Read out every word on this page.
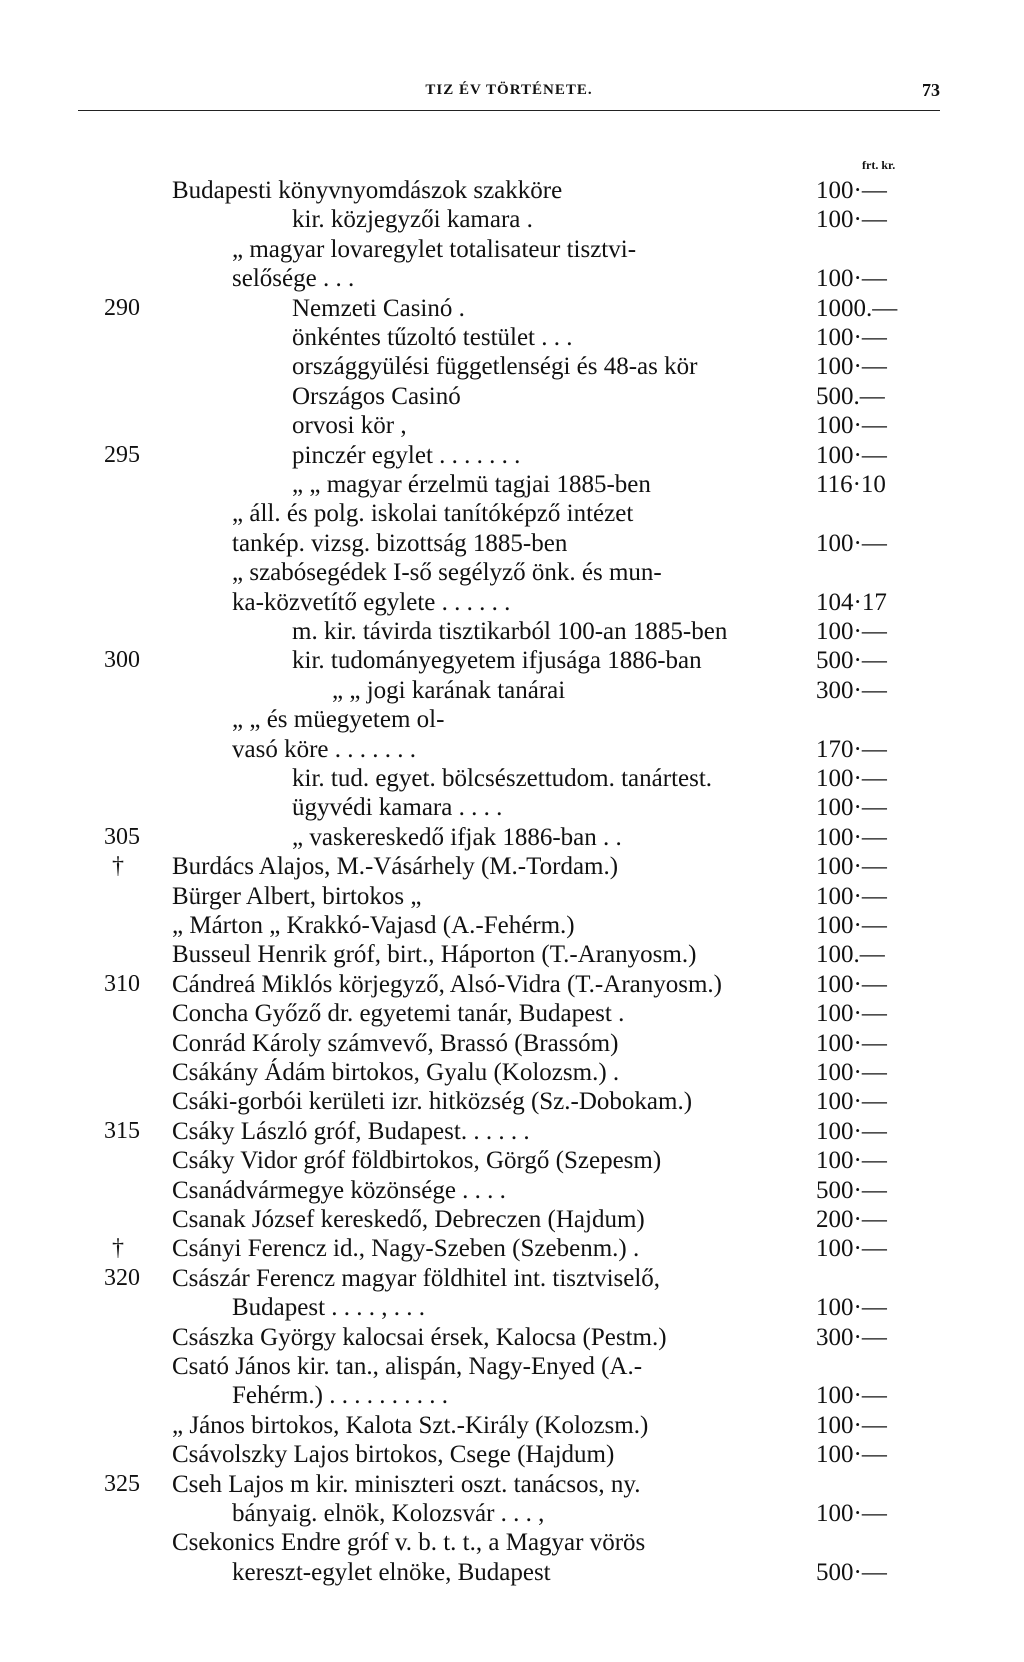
TIZ ÉV TÖRTÉNETE.	73
frt. kr.
Budapesti könyvnyomdászok szakköre	100·—
kir. közjegyzői kamara .	100·—
„ magyar lovaregylet totalisateur tisztvi-
selősége . . .	100·—
290	Nemzeti Casinó .	1000.—
önkéntes tűzoltó testület . . .	100·—
országgyülési függetlenségi és 48-as kör	100·—
Országos Casinó	500.—
orvosi kör ,	100·—
295	pinczér egylet . . . . . . .	100·—
„ „ magyar érzelmü tagjai 1885-ben	116·10
„ áll. és polg. iskolai tanítóképző intézet
tankép. vizsg. bizottság 1885-ben	100·—
„ szabósegédek I-ső segélyző önk. és mun-
ka-közvetítő egylete . . . . . .	104·17
m. kir. távirda tisztikarból 100-an 1885-ben	100·—
300	kir. tudományegyetem ifjusága 1886-ban	500·—
„ „ jogi karának tanárai	300·—
„ „ és müegyetem ol-
vasó köre . . . . . . .	170·—
kir. tud. egyet. bölcsészettudom. tanártest.	100·—
ügyvédi kamara . . . .	100·—
305	„ vaskereskedő ifjak 1886-ban . .	100·—
†	Burdács Alajos, M.-Vásárhely (M.-Tordam.)	100·—
Bürger Albert, birtokos „	100·—
„ Márton „ Krakkó-Vajasd (A.-Fehérm.)	100·—
Busseul Henrik gróf, birt., Háporton (T.-Aranyosm.)	100.—
310	Cándreá Miklós körjegyző, Alsó-Vidra (T.-Aranyosm.)	100·—
Concha Győző dr. egyetemi tanár, Budapest .	100·—
Conrád Károly számvevő, Brassó (Brassóm)	100·—
Csákány Ádám birtokos, Gyalu (Kolozsm.) .	100·—
Csáki-gorbói kerületi izr. hitközség (Sz.-Dobokam.)	100·—
315	Csáky László gróf, Budapest. . . . . .	100·—
Csáky Vidor gróf földbirtokos, Görgő (Szepesm)	100·—
Csanádvármegye közönsége . . . .	500·—
Csanak József kereskedő, Debreczen (Hajdum)	200·—
†	Csányi Ferencz id., Nagy-Szeben (Szebenm.) .	100·—
320	Császár Ferencz magyar földhitel int. tisztviselő,
Budapest . . . . , . . .	100·—
Császka György kalocsai érsek, Kalocsa (Pestm.)	300·—
Csató János kir. tan., alispán, Nagy-Enyed (A.-
Fehérm.) . . . . . . . . . .	100·—
„ János birtokos, Kalota Szt.-Király (Kolozsm.)	100·—
Csávolszky Lajos birtokos, Csege (Hajdum)	100·—
325	Cseh Lajos m kir. miniszteri oszt. tanácsos, ny.
bányaig. elnök, Kolozsvár . . . ,	100·—
Csekonics Endre gróf v. b. t. t., a Magyar vörös
kereszt-egylet elnöke, Budapest	500·—
